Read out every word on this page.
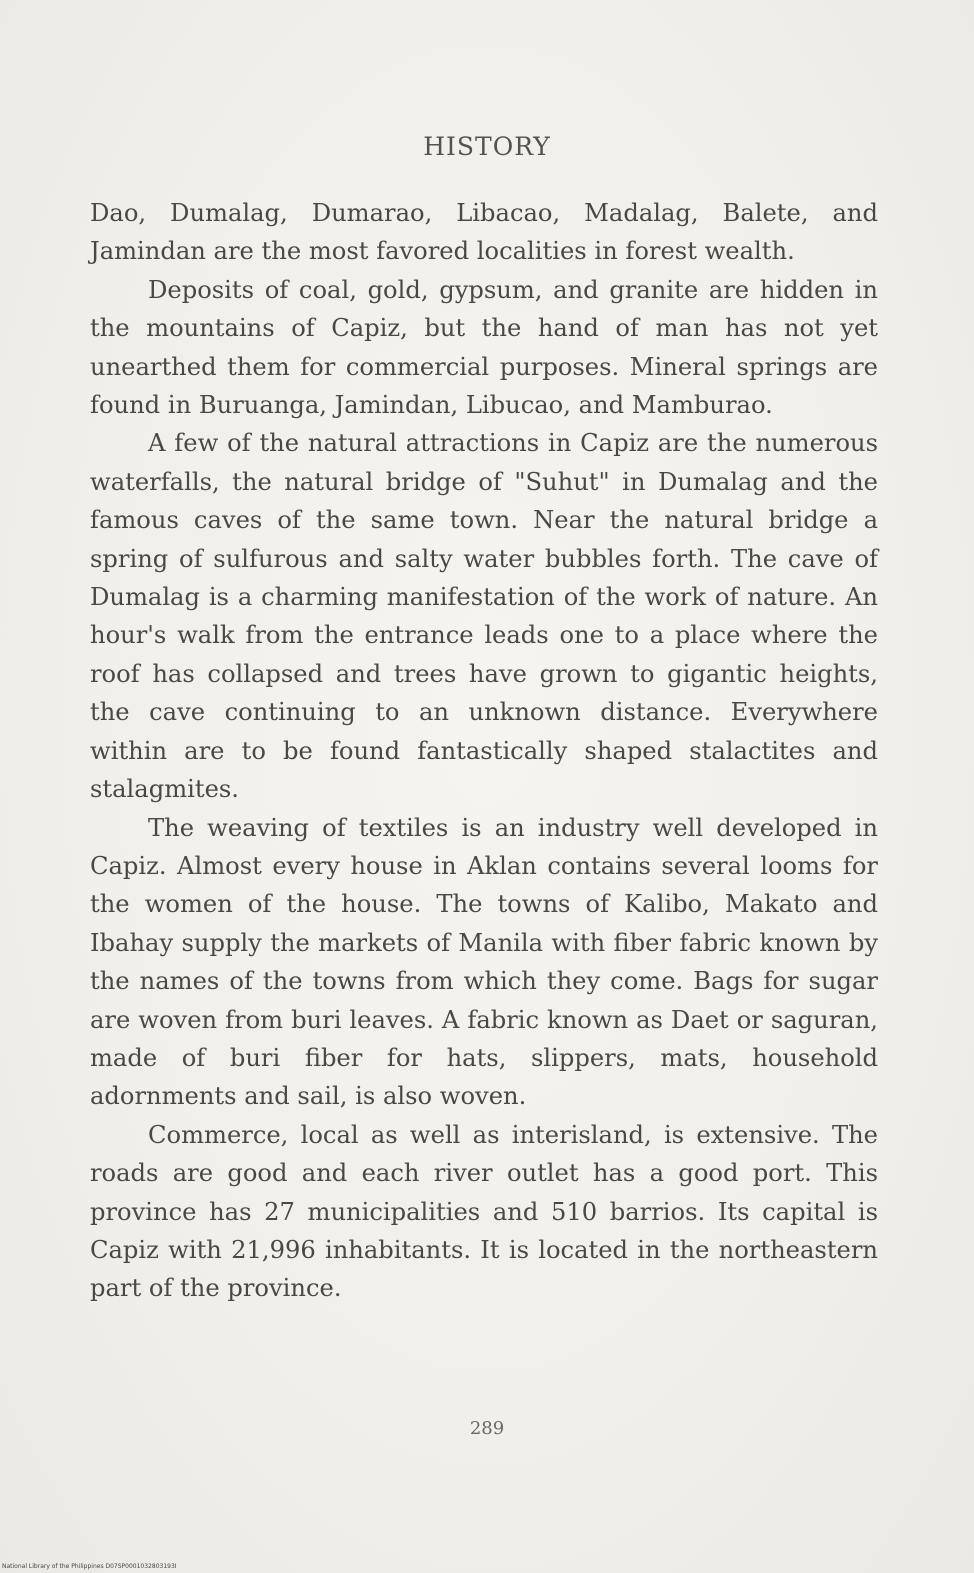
HISTORY

Dao, Dumalag, Dumarao, Libacao, Madalag, Balete, and Jamindan are the most favored localities in forest wealth.

Deposits of coal, gold, gypsum, and granite are hidden in the mountains of Capiz, but the hand of man has not yet unearthed them for commercial purposes. Mineral springs are found in Buruanga, Jamindan, Libucao, and Mamburao.

A few of the natural attractions in Capiz are the numerous waterfalls, the natural bridge of "Suhut" in Dumalag and the famous caves of the same town. Near the natural bridge a spring of sulfurous and salty water bubbles forth. The cave of Dumalag is a charming manifestation of the work of nature. An hour's walk from the entrance leads one to a place where the roof has collapsed and trees have grown to gigantic heights, the cave continuing to an unknown distance. Everywhere within are to be found fantastically shaped stalactites and stalagmites.

The weaving of textiles is an industry well developed in Capiz. Almost every house in Aklan contains several looms for the women of the house. The towns of Kalibo, Makato and Ibahay supply the markets of Manila with fiber fabric known by the names of the towns from which they come. Bags for sugar are woven from buri leaves. A fabric known as Daet or saguran, made of buri fiber for hats, slippers, mats, household adornments and sail, is also woven.

Commerce, local as well as interisland, is extensive. The roads are good and each river outlet has a good port. This province has 27 municipalities and 510 barrios. Its capital is Capiz with 21,996 inhabitants. It is located in the northeastern part of the province.

289
National Library of the Philippines D07SP0001032803193I
